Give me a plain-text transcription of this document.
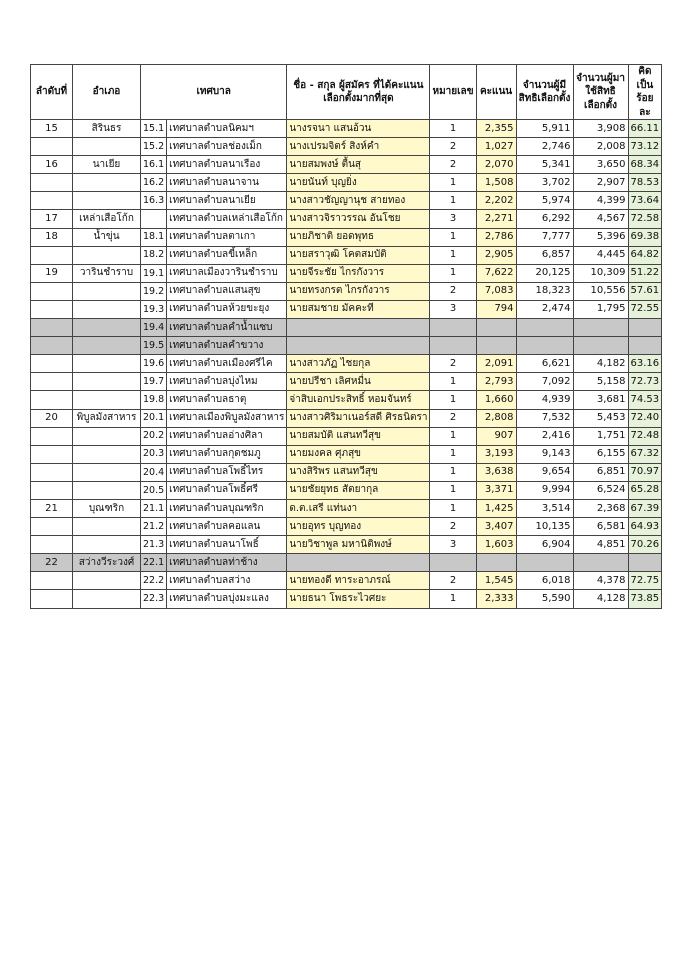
ลำดับที่	อำเภอ	เทศบาล		ชื่อ - สกุล ผู้สมัคร ที่ได้คะแนนเลือกตั้งมากที่สุด	หมายเลข	คะแนน	จำนวนผู้มี สิทธิเลือกตั้ง	จำนวนผู้มา ใช้สิทธิเลือกตั้ง	คิดเป็น ร้อยละ
15	สิรินธร	15.1	เทศบาลตำบลนิคมฯ	นางรจนา แสนอ้วน	1	2,355	5,911	3,908	66.11
		15.2	เทศบาลตำบลช่องเม็ก	นางเปรมจิตร์ สิงห์คำ	2	1,027	2,746	2,008	73.12
16	นาเยีย	16.1	เทศบาลตำบลนาเรือง	นายสมพงษ์ ตื้นสุ	2	2,070	5,341	3,650	68.34
		16.2	เทศบาลตำบลนาจาน	นายนันท์ บุญยิ่ง	1	1,508	3,702	2,907	78.53
		16.3	เทศบาลตำบลนาเยีย	นางสาวชัญญานุช สายทอง	1	2,202	5,974	4,399	73.64
17	เหล่าเสือโก้ก		เทศบาลตำบลเหล่าเสือโก้ก	นางสาวจิราวรรณ อันโชย	3	2,271	6,292	4,567	72.58
18	น้ำขุ่น	18.1	เทศบาลตำบลตาเกา	นายภิชาติ ยอดพุทธ	1	2,786	7,777	5,396	69.38
		18.2	เทศบาลตำบลขี้เหล็ก	นายสราวุฒิ โคตสมบัติ	1	2,905	6,857	4,445	64.82
19	วารินชำราบ	19.1	เทศบาลเมืองวารินชำราบ	นายจีระชัย ไกรกังวาร	1	7,622	20,125	10,309	51.22
		19.2	เทศบาลตำบลแสนสุข	นายทรงกรต ไกรกังวาร	2	7,083	18,323	10,556	57.61
		19.3	เทศบาลตำบลห้วยขะยุง	นายสมชาย มัคคะที	3	794	2,474	1,795	72.55
		19.4	เทศบาลตำบลคำน้ำแซบ						
		19.5	เทศบาลตำบลคำขวาง						
		19.6	เทศบาลตำบลเมืองศรีไค	นางสาวภัฏ ไชยกุล	2	2,091	6,621	4,182	63.16
		19.7	เทศบาลตำบลบุ่งไหม	นายปรีชา เลิศหมื่น	1	2,793	7,092	5,158	72.73
		19.8	เทศบาลตำบลธาตุ	จ่าสิบเอกประสิทธิ์ หอมจันทร์	1	1,660	4,939	3,681	74.53
20	พิบูลมังสาหาร	20.1	เทศบาลเมืองพิบูลมังสาหาร	นางสาวศิริมาเนอร์สดี ศิรธนิตรา	2	2,808	7,532	5,453	72.40
		20.2	เทศบาลตำบลอ่างศิลา	นายสมบัติ แสนทวีสุข	1	907	2,416	1,751	72.48
		20.3	เทศบาลตำบลกุดชมภู	นายมงคล ศุภสุข	1	3,193	9,143	6,155	67.32
		20.4	เทศบาลตำบลโพธิ์ไทร	นางสิริพร แสนทวีสุข	1	3,638	9,654	6,851	70.97
		20.5	เทศบาลตำบลโพธิ์ศรี	นายชัยยุทธ สัตยากุล	1	3,371	9,994	6,524	65.28
21	บุณฑริก	21.1	เทศบาลตำบลบุณฑริก	ด.ต.เสรี แท่นงา	1	1,425	3,514	2,368	67.39
		21.2	เทศบาลตำบลคอแลน	นายอุทร บุญทอง	2	3,407	10,135	6,581	64.93
		21.3	เทศบาลตำบลนาโพธิ์	นายวิชาพูล มหานิติพงษ์	3	1,603	6,904	4,851	70.26
22	สว่างวีระวงศ์	22.1	เทศบาลตำบลท่าช้าง						
		22.2	เทศบาลตำบลสว่าง	นายทองดี ทาระอาภรณ์	2	1,545	6,018	4,378	72.75
		22.3	เทศบาลตำบลบุ่งมะแลง	นายธนา โพธระไวศยะ	1	2,333	5,590	4,128	73.85
